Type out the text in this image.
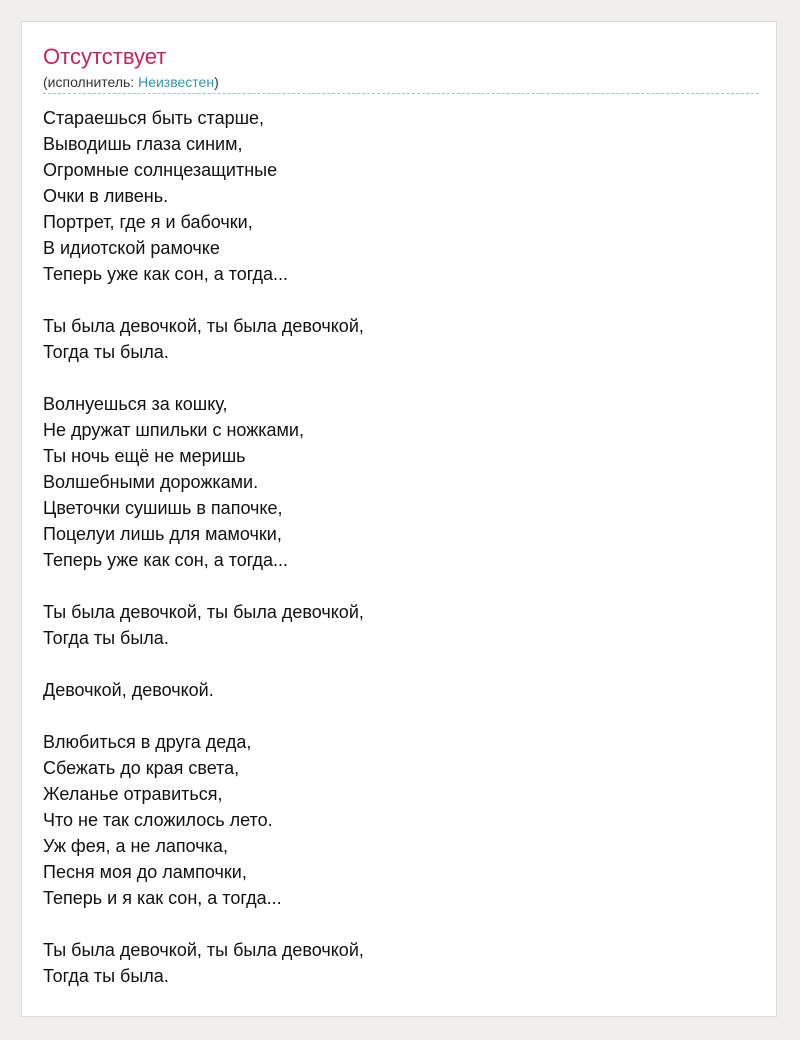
Отсутствует
(исполнитель: Неизвестен)
Стараешься быть старше,
Выводишь глаза синим,
Огромные солнцезащитные
Очки в ливень.
Портрет, где я и бабочки,
В идиотской рамочке
Теперь уже как сон, а тогда...
Ты была девочкой, ты была девочкой,
Тогда ты была.
Волнуешься за кошку,
Не дружат шпильки с ножками,
Ты ночь ещё не меришь
Волшебными дорожками.
Цветочки сушишь в папочке,
Поцелуи лишь для мамочки,
Теперь уже как сон, а тогда...
Ты была девочкой, ты была девочкой,
Тогда ты была.
Девочкой, девочкой.
Влюбиться в друга деда,
Сбежать до края света,
Желанье отравиться,
Что не так сложилось лето.
Уж фея, а не лапочка,
Песня моя до лампочки,
Теперь и я как сон, а тогда...
Ты была девочкой, ты была девочкой,
Тогда ты была.
